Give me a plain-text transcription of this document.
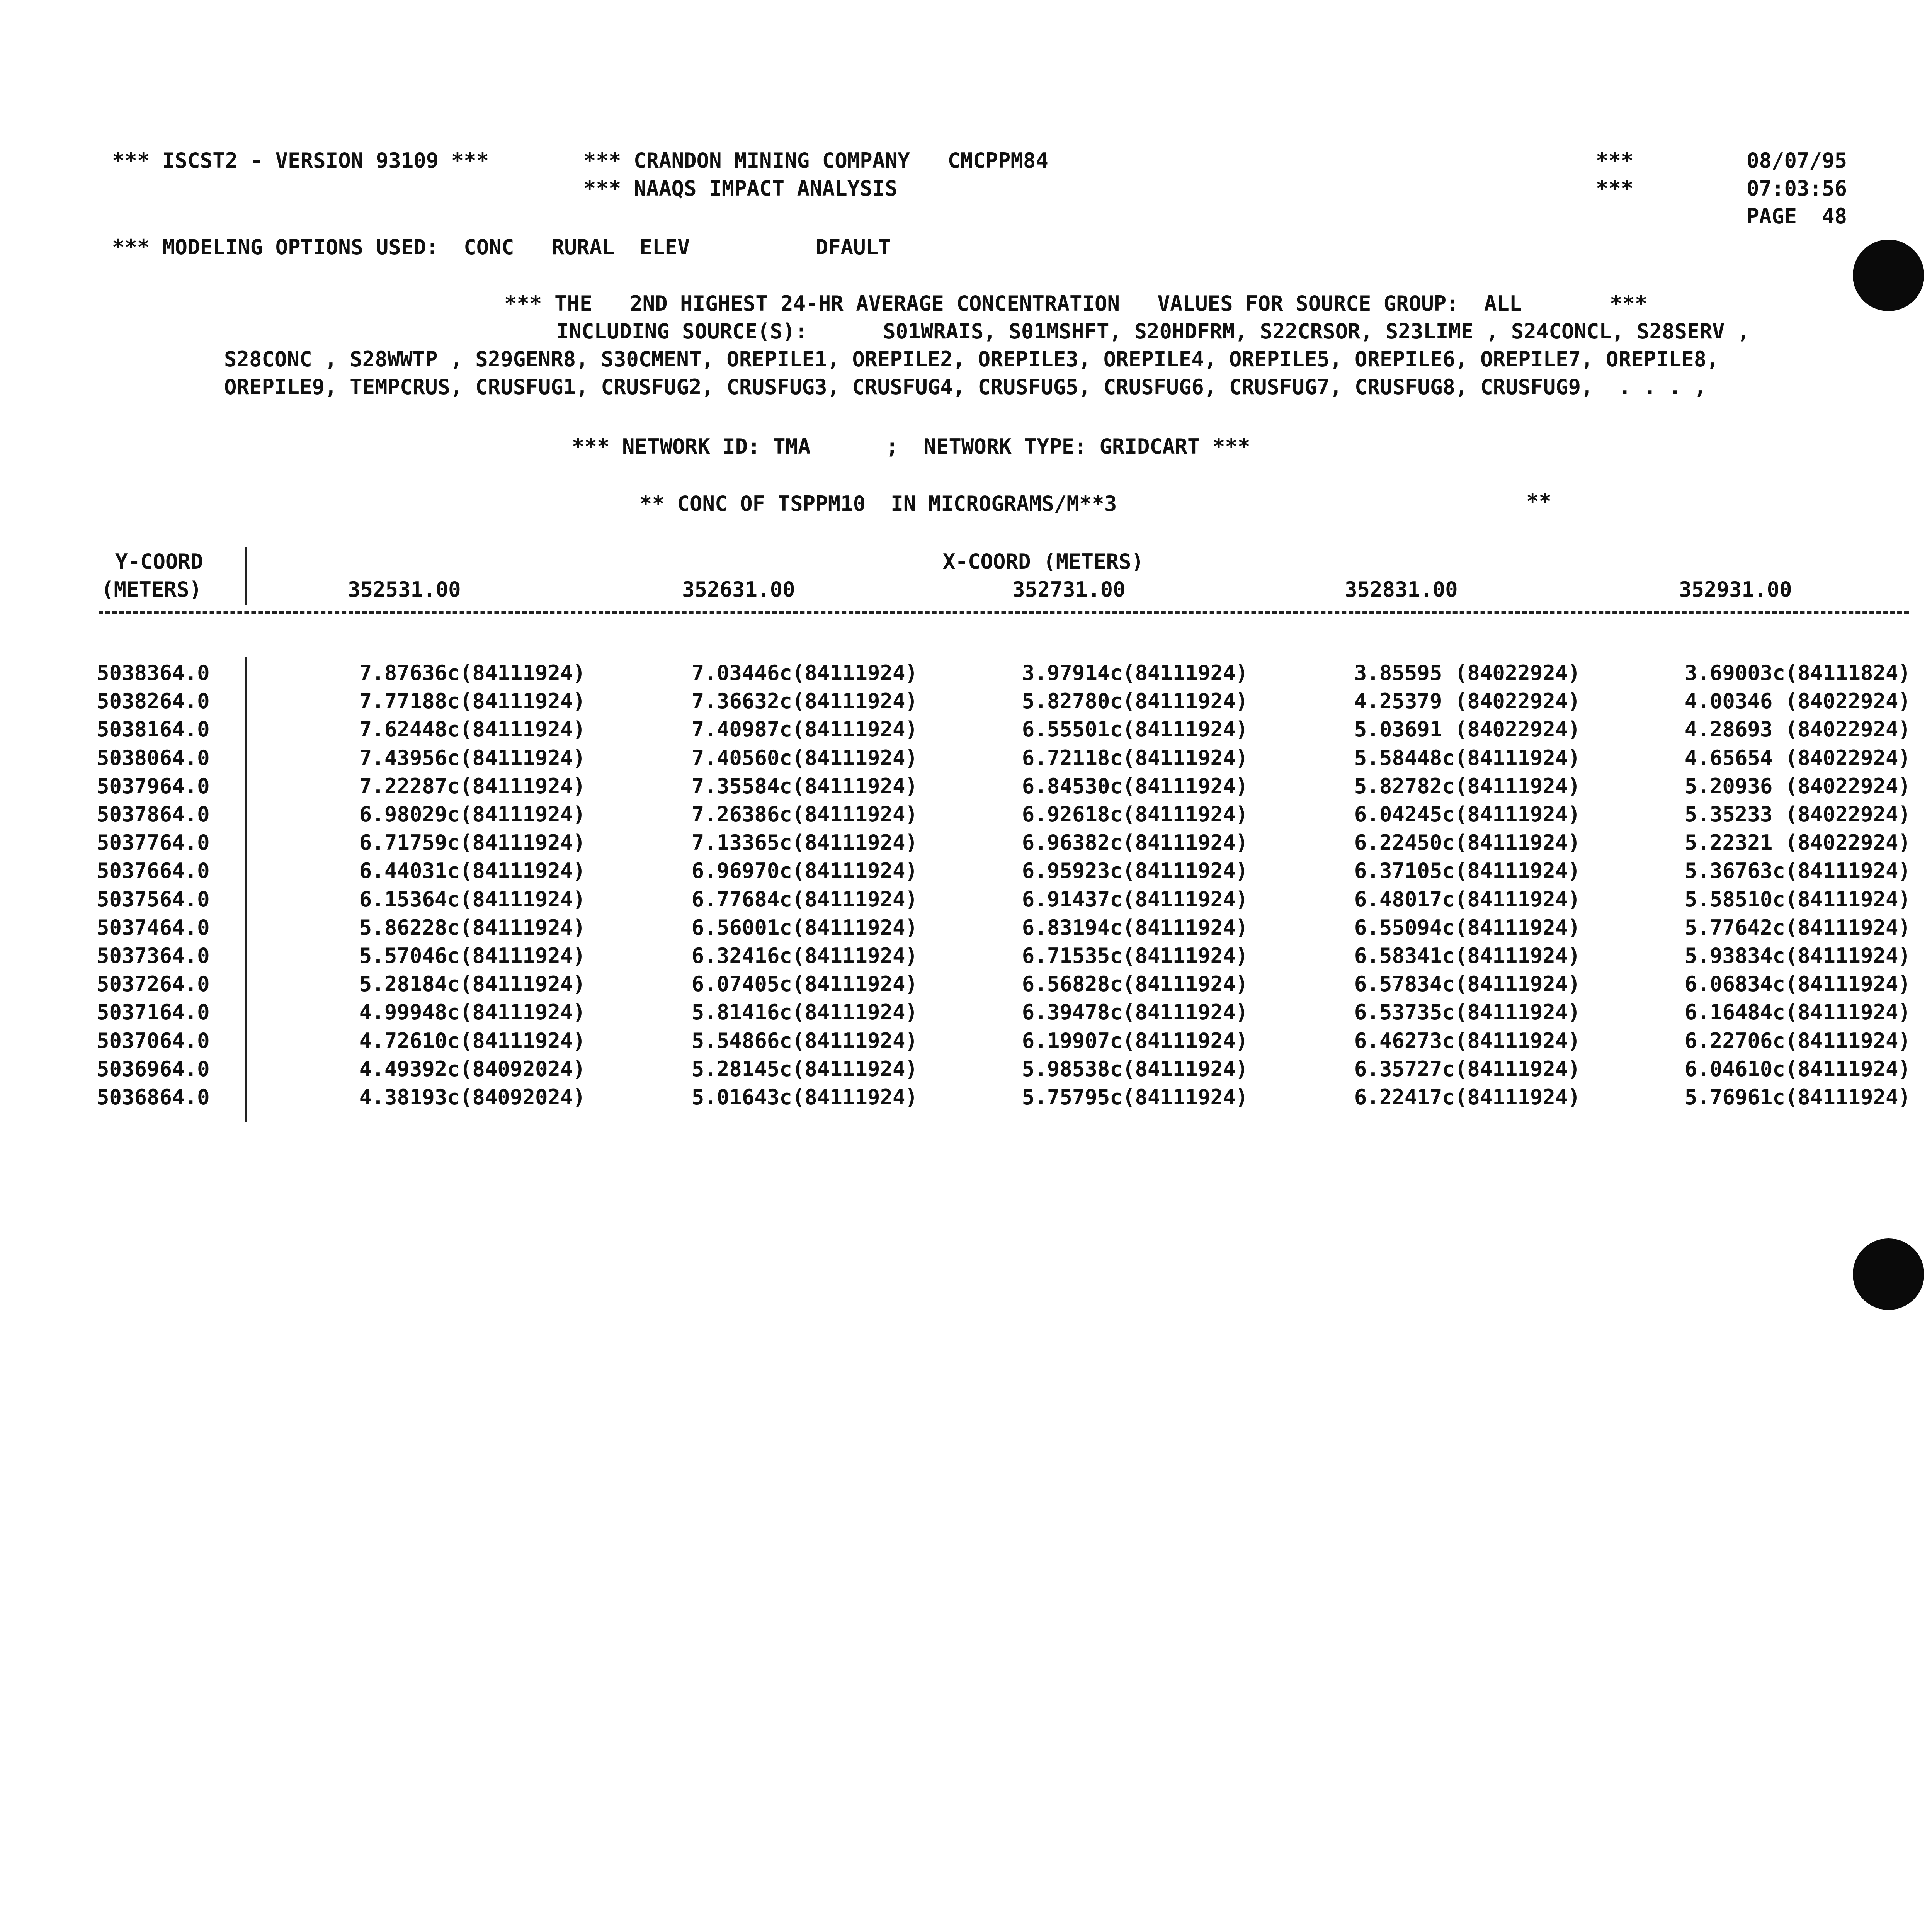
*** ISCST2 - VERSION 93109 ***	*** CRANDON MINING COMPANY   CMCPPM84
*** NAAQS IMPACT ANALYSIS
***
***
08/07/95
07:03:56
PAGE  48
*** MODELING OPTIONS USED:  CONC   RURAL  ELEV          DFAULT
*** THE   2ND HIGHEST 24-HR AVERAGE CONCENTRATION   VALUES FOR SOURCE GROUP:  ALL       ***
INCLUDING SOURCE(S):      S01WRAIS, S01MSHFT, S20HDFRM, S22CRSOR, S23LIME , S24CONCL, S28SERV ,
S28CONC , S28WWTP , S29GENR8, S30CMENT, OREPILE1, OREPILE2, OREPILE3, OREPILE4, OREPILE5, OREPILE6, OREPILE7, OREPILE8,
OREPILE9, TEMPCRUS, CRUSFUG1, CRUSFUG2, CRUSFUG3, CRUSFUG4, CRUSFUG5, CRUSFUG6, CRUSFUG7, CRUSFUG8, CRUSFUG9,  . . . ,
*** NETWORK ID: TMA      ;  NETWORK TYPE: GRIDCART ***
** CONC OF TSPPM10  IN MICROGRAMS/M**3	**
Y-COORD
(METERS)
X-COORD (METERS)
352531.00	352631.00	352731.00	352831.00	352931.00
5038364.0	7.87636c(84111924)	7.03446c(84111924)	3.97914c(84111924)	3.85595 (84022924)	3.69003c(84111824)
5038264.0	7.77188c(84111924)	7.36632c(84111924)	5.82780c(84111924)	4.25379 (84022924)	4.00346 (84022924)
5038164.0	7.62448c(84111924)	7.40987c(84111924)	6.55501c(84111924)	5.03691 (84022924)	4.28693 (84022924)
5038064.0	7.43956c(84111924)	7.40560c(84111924)	6.72118c(84111924)	5.58448c(84111924)	4.65654 (84022924)
5037964.0	7.22287c(84111924)	7.35584c(84111924)	6.84530c(84111924)	5.82782c(84111924)	5.20936 (84022924)
5037864.0	6.98029c(84111924)	7.26386c(84111924)	6.92618c(84111924)	6.04245c(84111924)	5.35233 (84022924)
5037764.0	6.71759c(84111924)	7.13365c(84111924)	6.96382c(84111924)	6.22450c(84111924)	5.22321 (84022924)
5037664.0	6.44031c(84111924)	6.96970c(84111924)	6.95923c(84111924)	6.37105c(84111924)	5.36763c(84111924)
5037564.0	6.15364c(84111924)	6.77684c(84111924)	6.91437c(84111924)	6.48017c(84111924)	5.58510c(84111924)
5037464.0	5.86228c(84111924)	6.56001c(84111924)	6.83194c(84111924)	6.55094c(84111924)	5.77642c(84111924)
5037364.0	5.57046c(84111924)	6.32416c(84111924)	6.71535c(84111924)	6.58341c(84111924)	5.93834c(84111924)
5037264.0	5.28184c(84111924)	6.07405c(84111924)	6.56828c(84111924)	6.57834c(84111924)	6.06834c(84111924)
5037164.0	4.99948c(84111924)	5.81416c(84111924)	6.39478c(84111924)	6.53735c(84111924)	6.16484c(84111924)
5037064.0	4.72610c(84111924)	5.54866c(84111924)	6.19907c(84111924)	6.46273c(84111924)	6.22706c(84111924)
5036964.0	4.49392c(84092024)	5.28145c(84111924)	5.98538c(84111924)	6.35727c(84111924)	6.04610c(84111924)
5036864.0	4.38193c(84092024)	5.01643c(84111924)	5.75795c(84111924)	6.22417c(84111924)	5.76961c(84111924)
